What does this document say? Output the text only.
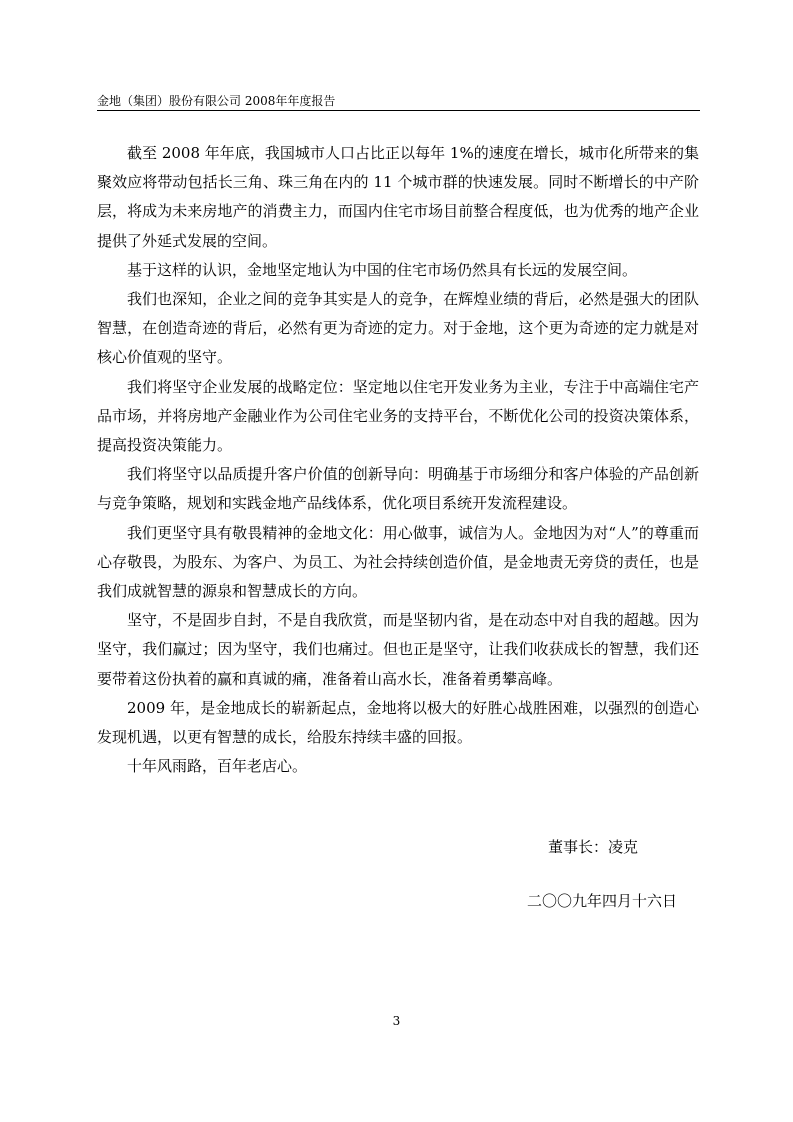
金地（集团）股份有限公司 2008年年度报告

截至 2008 年年底，我国城市人口占比正以每年 1%的速度在增长，城市化所带来的集聚效应将带动包括长三角、珠三角在内的 11 个城市群的快速发展。同时不断增长的中产阶层，将成为未来房地产的消费主力，而国内住宅市场目前整合程度低，也为优秀的地产企业提供了外延式发展的空间。

基于这样的认识，金地坚定地认为中国的住宅市场仍然具有长远的发展空间。

我们也深知，企业之间的竞争其实是人的竞争，在辉煌业绩的背后，必然是强大的团队智慧，在创造奇迹的背后，必然有更为奇迹的定力。对于金地，这个更为奇迹的定力就是对核心价值观的坚守。

我们将坚守企业发展的战略定位：坚定地以住宅开发业务为主业，专注于中高端住宅产品市场，并将房地产金融业作为公司住宅业务的支持平台，不断优化公司的投资决策体系，提高投资决策能力。

我们将坚守以品质提升客户价值的创新导向：明确基于市场细分和客户体验的产品创新与竞争策略，规划和实践金地产品线体系，优化项目系统开发流程建设。

我们更坚守具有敬畏精神的金地文化：用心做事，诚信为人。金地因为对“人”的尊重而心存敬畏，为股东、为客户、为员工、为社会持续创造价值，是金地责无旁贷的责任，也是我们成就智慧的源泉和智慧成长的方向。

坚守，不是固步自封，不是自我欣赏，而是坚韧内省，是在动态中对自我的超越。因为坚守，我们赢过；因为坚守，我们也痛过。但也正是坚守，让我们收获成长的智慧，我们还要带着这份执着的赢和真诚的痛，准备着山高水长，准备着勇攀高峰。

2009 年，是金地成长的崭新起点，金地将以极大的好胜心战胜困难，以强烈的创造心发现机遇，以更有智慧的成长，给股东持续丰盛的回报。

十年风雨路，百年老店心。

董事长：凌克
二〇〇九年四月十六日
3
